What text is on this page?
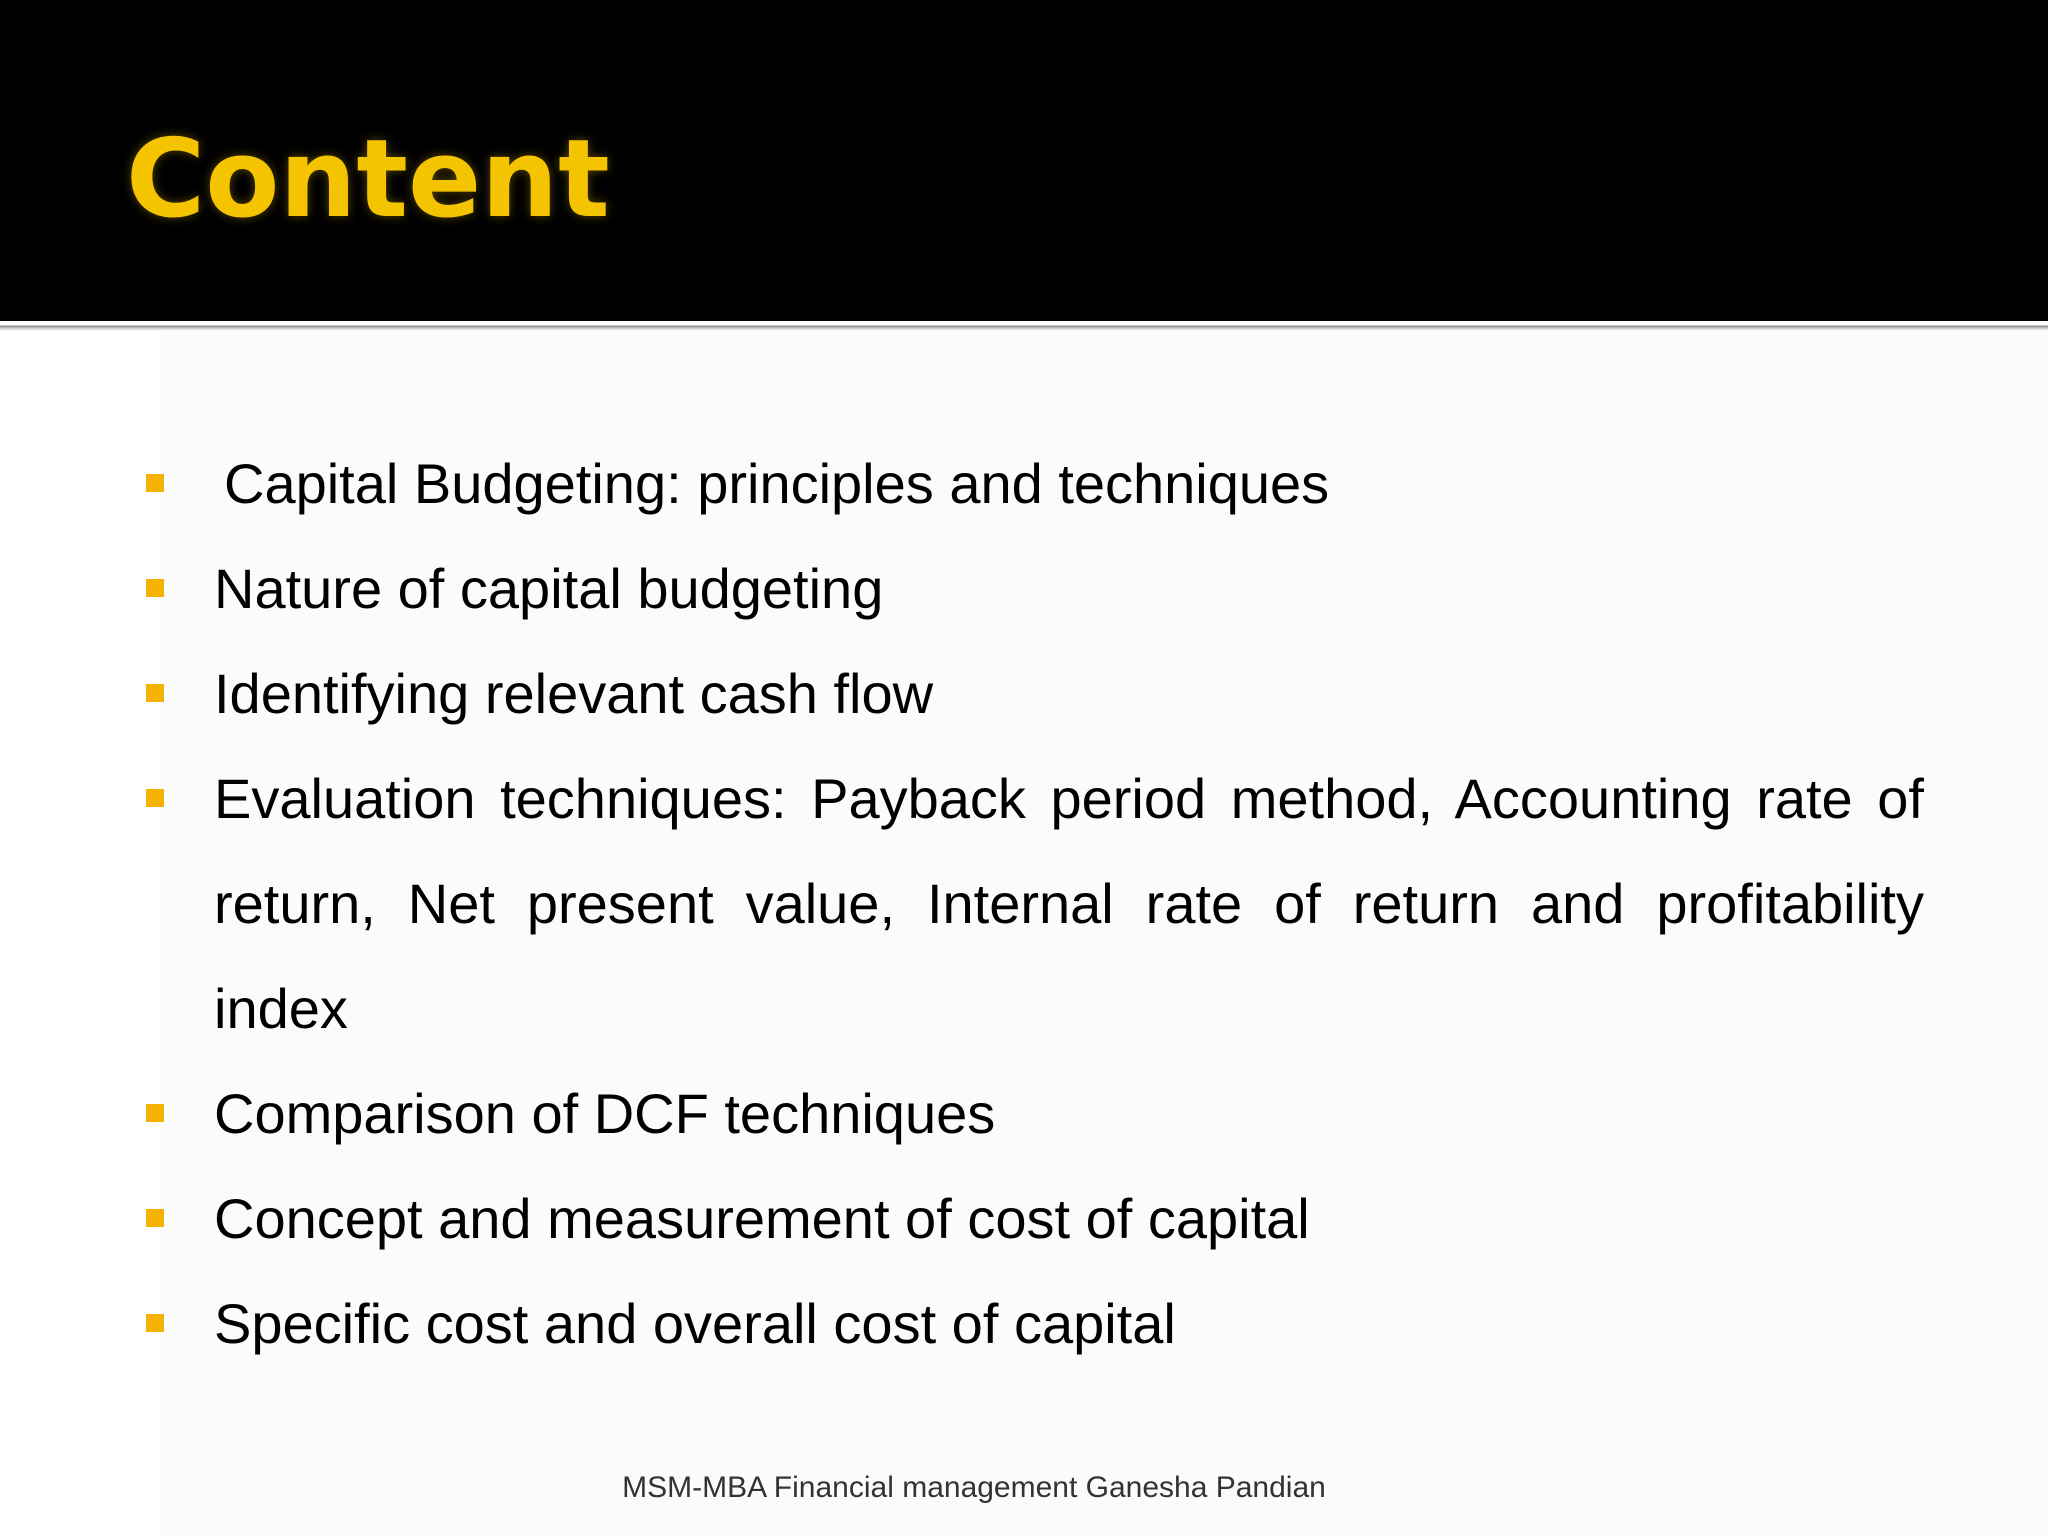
Content
Capital Budgeting: principles and techniques
Nature of capital budgeting
Identifying relevant cash flow
Evaluation techniques: Payback period method, Accounting rate of return, Net present value, Internal rate of return and profitability index
Comparison of DCF techniques
Concept and measurement of cost of capital
Specific cost and overall cost of capital
MSM-MBA Financial management Ganesha Pandian
